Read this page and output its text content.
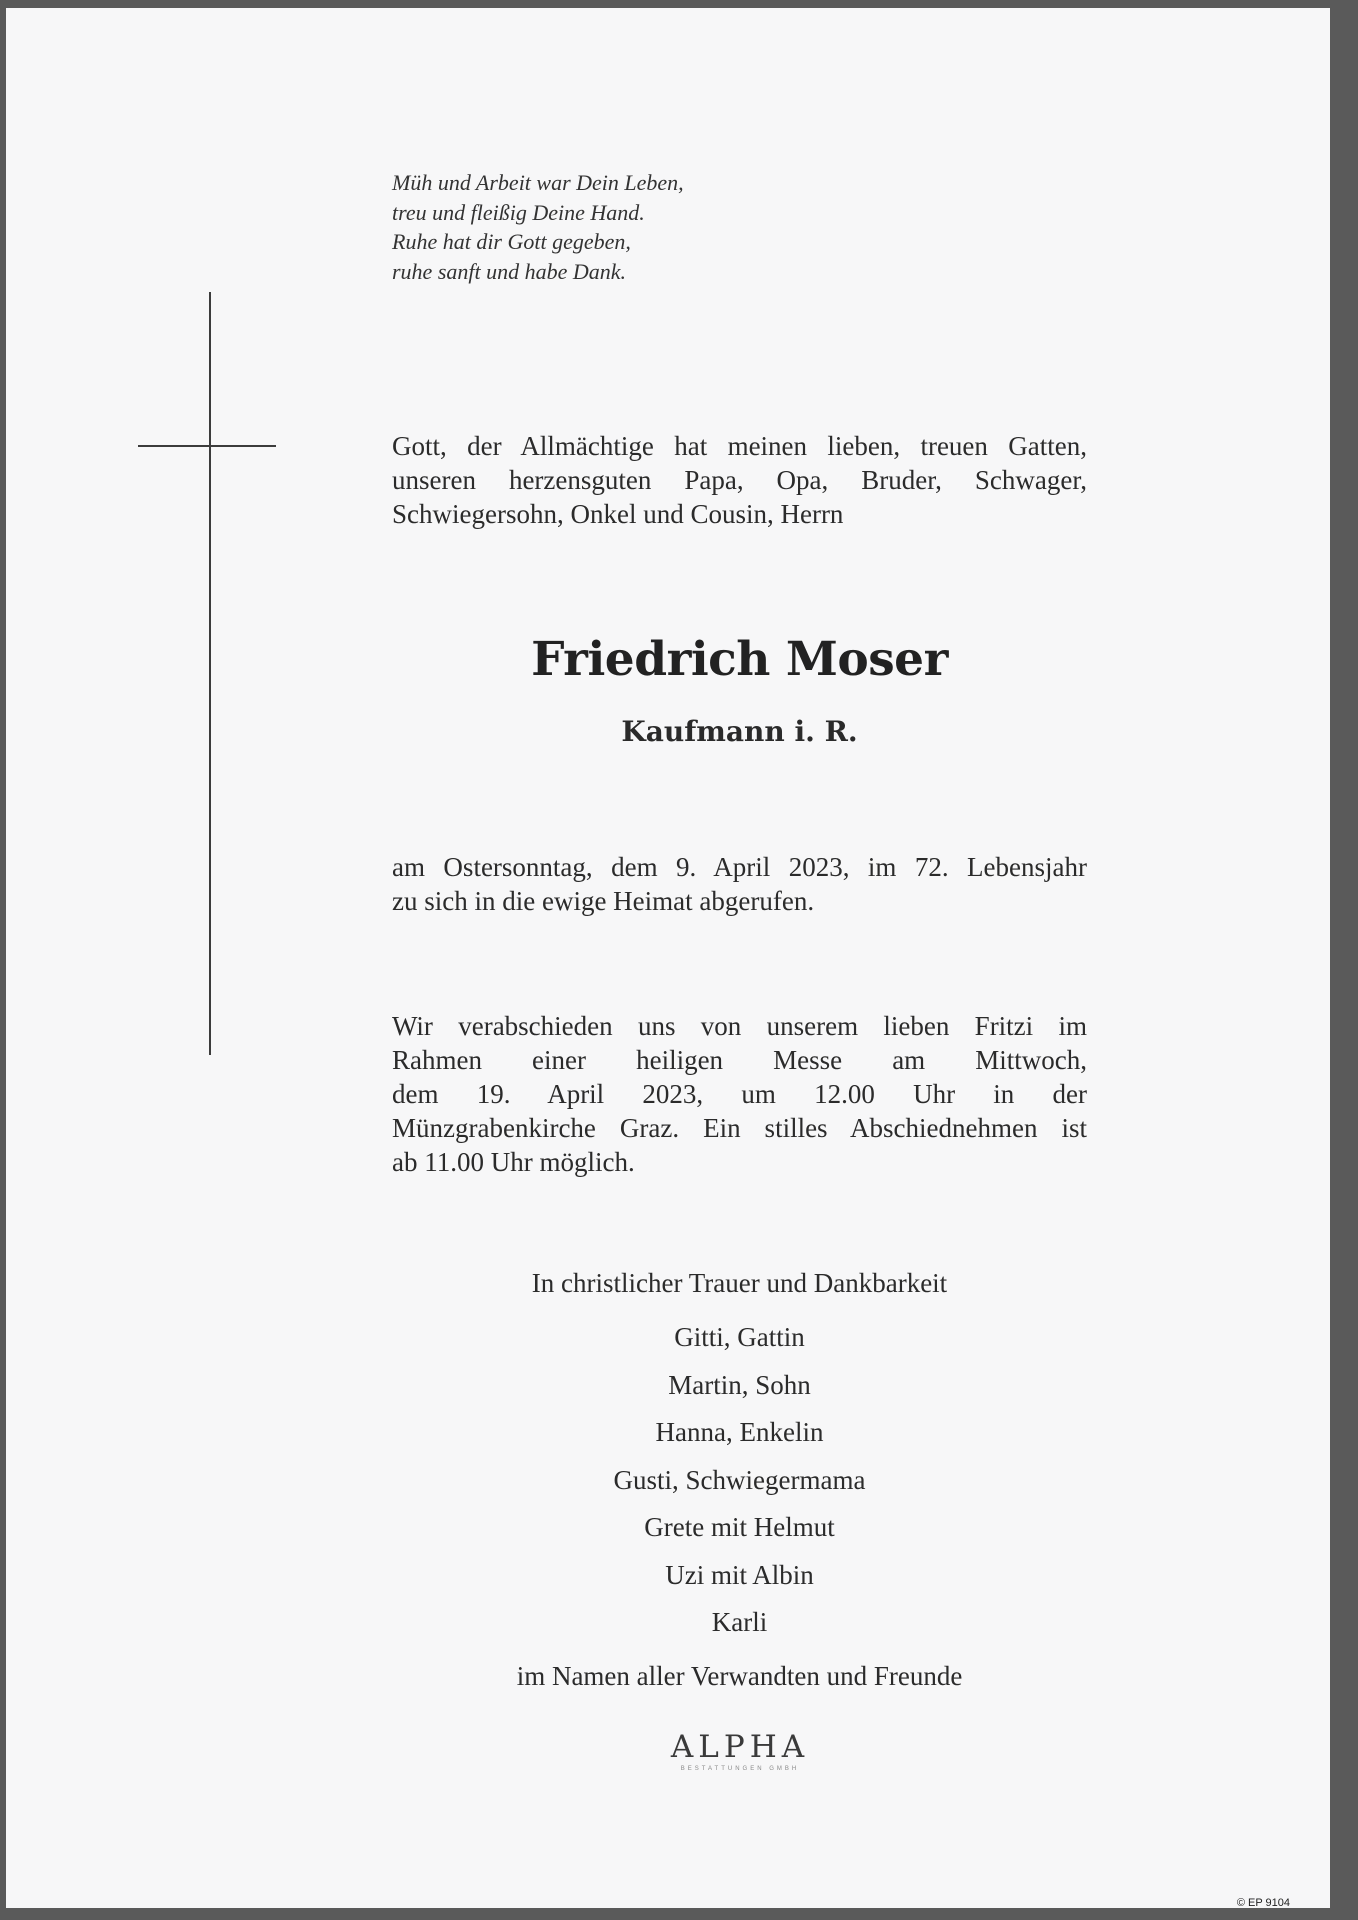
Müh und Arbeit war Dein Leben,
treu und fleißig Deine Hand.
Ruhe hat dir Gott gegeben,
ruhe sanft und habe Dank.
Gott, der Allmächtige hat meinen lieben, treuen Gatten,
unseren herzensguten Papa, Opa, Bruder, Schwager,
Schwiegersohn, Onkel und Cousin, Herrn
Friedrich Moser
Kaufmann i. R.
am Ostersonntag, dem 9. April 2023, im 72. Lebensjahr
zu sich in die ewige Heimat abgerufen.
Wir verabschieden uns von unserem lieben Fritzi im
Rahmen einer heiligen Messe am Mittwoch,
dem 19. April 2023, um 12.00 Uhr in der
Münzgrabenkirche Graz. Ein stilles Abschiednehmen ist
ab 11.00 Uhr möglich.
In christlicher Trauer und Dankbarkeit
Gitti, Gattin
Martin, Sohn
Hanna, Enkelin
Gusti, Schwiegermama
Grete mit Helmut
Uzi mit Albin
Karli
im Namen aller Verwandten und Freunde
ALPHA
BESTATTUNGEN GMBH
© EP 9104
